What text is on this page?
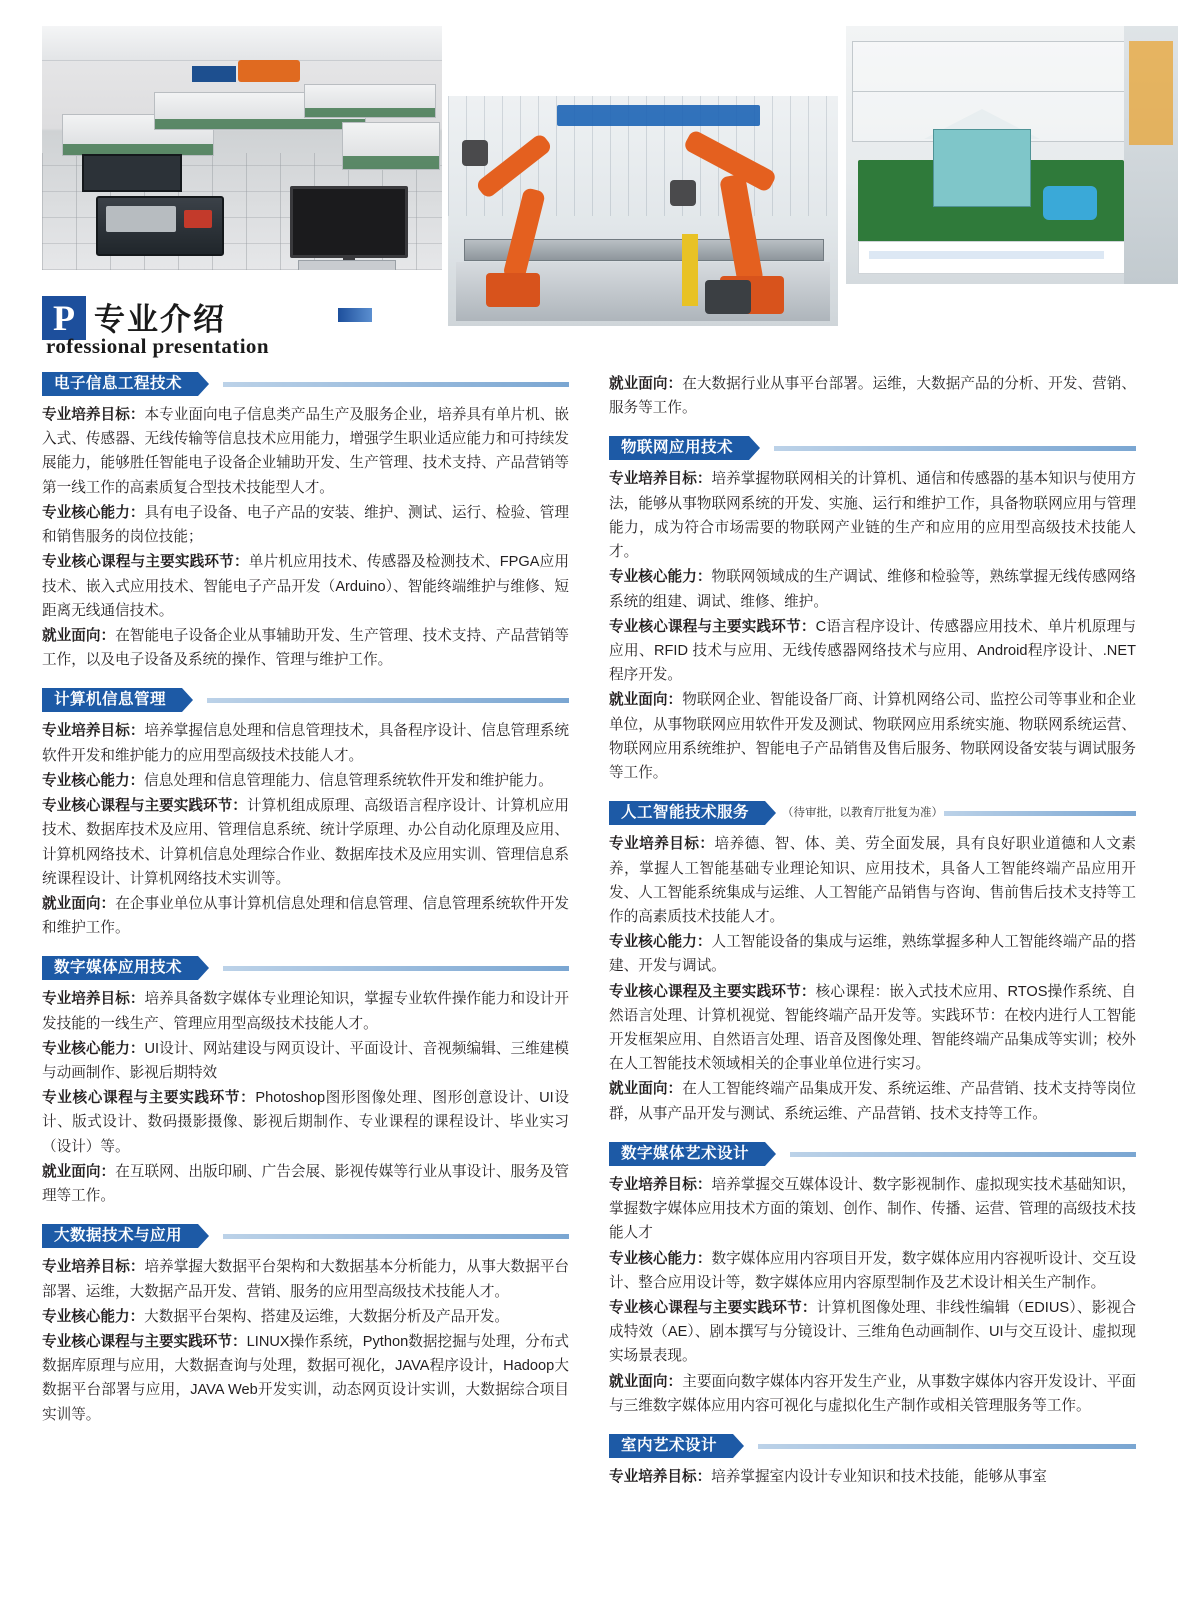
P 专业介绍
rofessional presentation
电子信息工程技术

专业培养目标：本专业面向电子信息类产品生产及服务企业，培养具有单片机、嵌入式、传感器、无线传输等信息技术应用能力，增强学生职业适应能力和可持续发展能力，能够胜任智能电子设备企业辅助开发、生产管理、技术支持、产品营销等第一线工作的高素质复合型技术技能型人才。

专业核心能力：具有电子设备、电子产品的安装、维护、测试、运行、检验、管理和销售服务的岗位技能；

专业核心课程与主要实践环节：单片机应用技术、传感器及检测技术、FPGA应用技术、嵌入式应用技术、智能电子产品开发（Arduino）、智能终端维护与维修、短距离无线通信技术。

就业面向：在智能电子设备企业从事辅助开发、生产管理、技术支持、产品营销等工作，以及电子设备及系统的操作、管理与维护工作。

计算机信息管理

专业培养目标：培养掌握信息处理和信息管理技术，具备程序设计、信息管理系统软件开发和维护能力的应用型高级技术技能人才。

专业核心能力：信息处理和信息管理能力、信息管理系统软件开发和维护能力。

专业核心课程与主要实践环节：计算机组成原理、高级语言程序设计、计算机应用技术、数据库技术及应用、管理信息系统、统计学原理、办公自动化原理及应用、计算机网络技术、计算机信息处理综合作业、数据库技术及应用实训、管理信息系统课程设计、计算机网络技术实训等。

就业面向：在企事业单位从事计算机信息处理和信息管理、信息管理系统软件开发和维护工作。

数字媒体应用技术

专业培养目标：培养具备数字媒体专业理论知识，掌握专业软件操作能力和设计开发技能的一线生产、管理应用型高级技术技能人才。

专业核心能力：UI设计、网站建设与网页设计、平面设计、音视频编辑、三维建模与动画制作、影视后期特效

专业核心课程与主要实践环节：Photoshop图形图像处理、图形创意设计、UI设计、版式设计、数码摄影摄像、影视后期制作、专业课程的课程设计、毕业实习（设计）等。

就业面向：在互联网、出版印刷、广告会展、影视传媒等行业从事设计、服务及管理等工作。

大数据技术与应用

专业培养目标：培养掌握大数据平台架构和大数据基本分析能力，从事大数据平台部署、运维，大数据产品开发、营销、服务的应用型高级技术技能人才。

专业核心能力：大数据平台架构、搭建及运维，大数据分析及产品开发。

专业核心课程与主要实践环节：LINUX操作系统，Python数据挖掘与处理，分布式数据库原理与应用，大数据查询与处理，数据可视化，JAVA程序设计，Hadoop大数据平台部署与应用，JAVA Web开发实训，动态网页设计实训，大数据综合项目实训等。

就业面向：在大数据行业从事平台部署。运维，大数据产品的分析、开发、营销、服务等工作。

物联网应用技术

专业培养目标：培养掌握物联网相关的计算机、通信和传感器的基本知识与使用方法，能够从事物联网系统的开发、实施、运行和维护工作，具备物联网应用与管理能力，成为符合市场需要的物联网产业链的生产和应用的应用型高级技术技能人才。

专业核心能力：物联网领域成的生产调试、维修和检验等，熟练掌握无线传感网络系统的组建、调试、维修、维护。

专业核心课程与主要实践环节：C语言程序设计、传感器应用技术、单片机原理与应用、RFID 技术与应用、无线传感器网络技术与应用、Android程序设计、.NET程序开发。

就业面向：物联网企业、智能设备厂商、计算机网络公司、监控公司等事业和企业单位，从事物联网应用软件开发及测试、物联网应用系统实施、物联网系统运营、物联网应用系统维护、智能电子产品销售及售后服务、物联网设备安装与调试服务等工作。

人工智能技术服务	（待审批，以教育厅批复为准）

专业培养目标：培养德、智、体、美、劳全面发展，具有良好职业道德和人文素养，掌握人工智能基础专业理论知识、应用技术，具备人工智能终端产品应用开发、人工智能系统集成与运维、人工智能产品销售与咨询、售前售后技术支持等工作的高素质技术技能人才。

专业核心能力：人工智能设备的集成与运维，熟练掌握多种人工智能终端产品的搭建、开发与调试。

专业核心课程及主要实践环节：核心课程：嵌入式技术应用、RTOS操作系统、自然语言处理、计算机视觉、智能终端产品开发等。实践环节：在校内进行人工智能开发框架应用、自然语言处理、语音及图像处理、智能终端产品集成等实训；校外在人工智能技术领域相关的企事业单位进行实习。

就业面向：在人工智能终端产品集成开发、系统运维、产品营销、技术支持等岗位群，从事产品开发与测试、系统运维、产品营销、技术支持等工作。

数字媒体艺术设计

专业培养目标：培养掌握交互媒体设计、数字影视制作、虚拟现实技术基础知识，掌握数字媒体应用技术方面的策划、创作、制作、传播、运营、管理的高级技术技能人才

专业核心能力：数字媒体应用内容项目开发，数字媒体应用内容视听设计、交互设计、整合应用设计等，数字媒体应用内容原型制作及艺术设计相关生产制作。

专业核心课程与主要实践环节：计算机图像处理、非线性编辑（EDIUS）、影视合成特效（AE）、剧本撰写与分镜设计、三维角色动画制作、UI与交互设计、虚拟现实场景表现。

就业面向：主要面向数字媒体内容开发生产业，从事数字媒体内容开发设计、平面与三维数字媒体应用内容可视化与虚拟化生产制作或相关管理服务等工作。

室内艺术设计

专业培养目标：培养掌握室内设计专业知识和技术技能，能够从事室
